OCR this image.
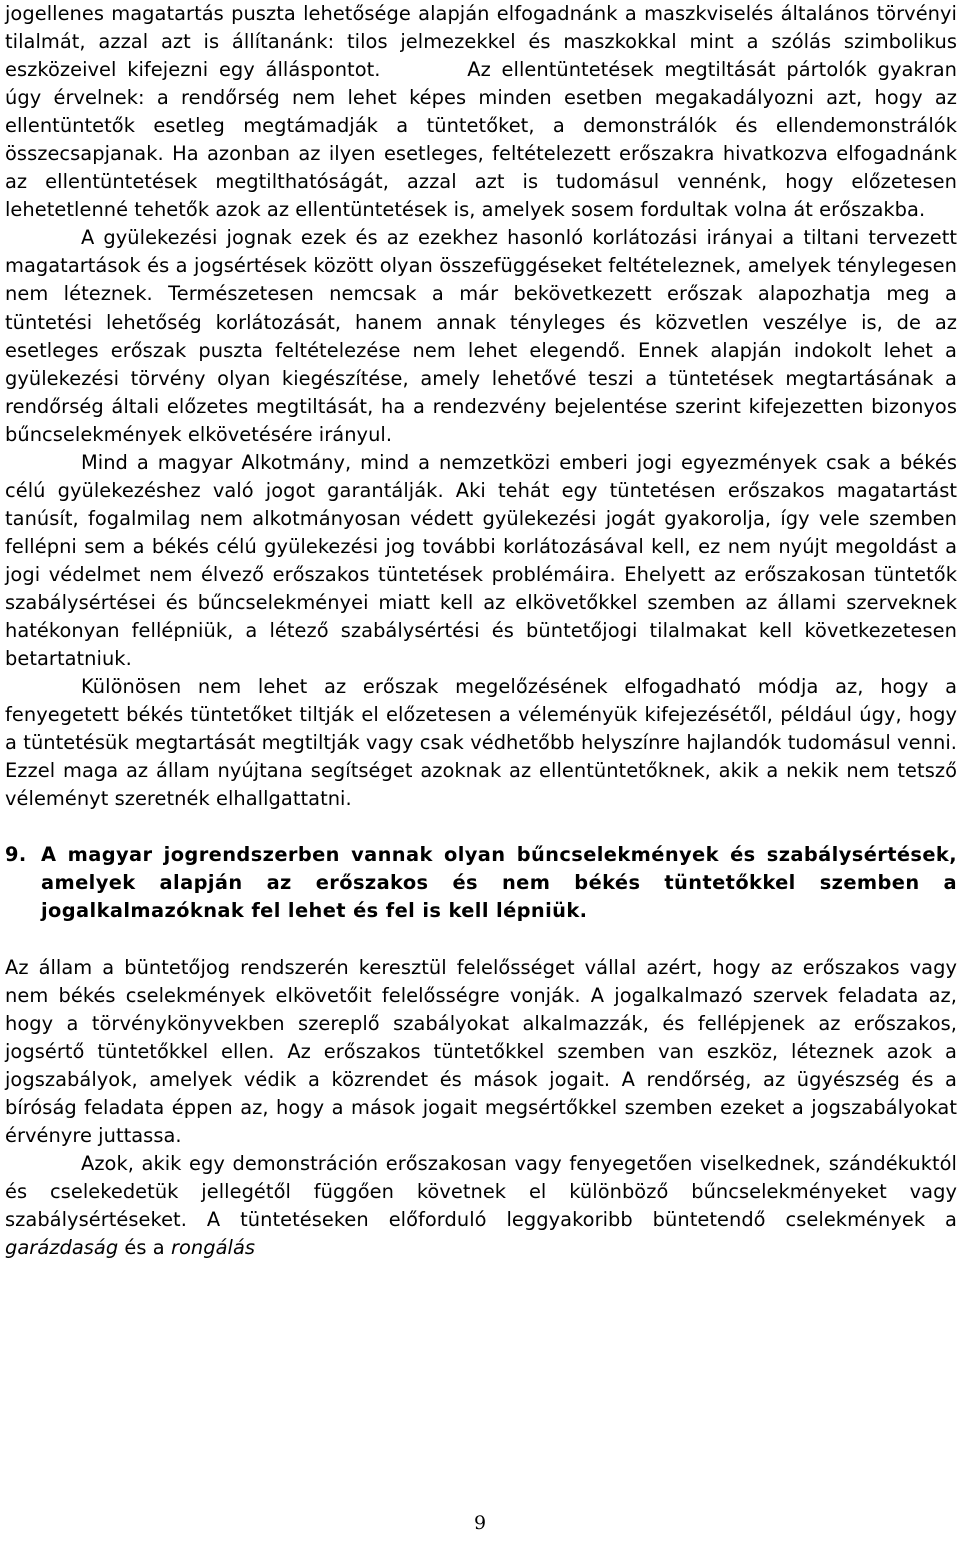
jogellenes magatartás puszta lehetősége alapján elfogadnánk a maszkviselés általános törvényi tilalmát, azzal azt is állítanánk: tilos jelmezekkel és maszkokkal mint a szólás szimbolikus eszközeivel kifejezni egy álláspontot.	Az ellentüntetések megtiltását pártolók gyakran úgy érvelnek: a rendőrség nem lehet képes minden esetben megakadályozni azt, hogy az ellentüntetők esetleg megtámadják a tüntetőket, a demonstrálók és ellendemonstrálók összecsapjanak. Ha azonban az ilyen esetleges, feltételezett erőszakra hivatkozva elfogadnánk az ellentüntetések megtilthatóságát, azzal azt is tudomásul vennénk, hogy előzetesen lehetetlenné tehetők azok az ellentüntetések is, amelyek sosem fordultak volna át erőszakba.

A gyülekezési jognak ezek és az ezekhez hasonló korlátozási irányai a tiltani tervezett magatartások és a jogsértések között olyan összefüggéseket feltételeznek, amelyek ténylegesen nem léteznek. Természetesen nemcsak a már bekövetkezett erőszak alapozhatja meg a tüntetési lehetőség korlátozását, hanem annak tényleges és közvetlen veszélye is, de az esetleges erőszak puszta feltételezése nem lehet elegendő. Ennek alapján indokolt lehet a gyülekezési törvény olyan kiegészítése, amely lehetővé teszi a tüntetések megtartásának a rendőrség általi előzetes megtiltását, ha a rendezvény bejelentése szerint kifejezetten bizonyos bűncselekmények elkövetésére irányul.

Mind a magyar Alkotmány, mind a nemzetközi emberi jogi egyezmények csak a békés célú gyülekezéshez való jogot garantálják. Aki tehát egy tüntetésen erőszakos magatartást tanúsít, fogalmilag nem alkotmányosan védett gyülekezési jogát gyakorolja, így vele szemben fellépni sem a békés célú gyülekezési jog további korlátozásával kell, ez nem nyújt megoldást a jogi védelmet nem élvező erőszakos tüntetések problémáira. Ehelyett az erőszakosan tüntetők szabálysértései és bűncselekményei miatt kell az elkövetőkkel szemben az állami szerveknek hatékonyan fellépniük, a létező szabálysértési és büntetőjogi tilalmakat kell következetesen betartatniuk.

Különösen nem lehet az erőszak megelőzésének elfogadható módja az, hogy a fenyegetett békés tüntetőket tiltják el előzetesen a véleményük kifejezésétől, például úgy, hogy a tüntetésük megtartását megtiltják vagy csak védhetőbb helyszínre hajlandók tudomásul venni. Ezzel maga az állam nyújtana segítséget azoknak az ellentüntetőknek, akik a nekik nem tetsző véleményt szeretnék elhallgattatni.

9. A magyar jogrendszerben vannak olyan bűncselekmények és szabálysértések, amelyek alapján az erőszakos és nem békés tüntetőkkel szemben a jogalkalmazóknak fel lehet és fel is kell lépniük.

Az állam a büntetőjog rendszerén keresztül felelősséget vállal azért, hogy az erőszakos vagy nem békés cselekmények elkövetőit felelősségre vonják. A jogalkalmazó szervek feladata az, hogy a törvénykönyvekben szereplő szabályokat alkalmazzák, és fellépjenek az erőszakos, jogsértő tüntetőkkel ellen. Az erőszakos tüntetőkkel szemben van eszköz, léteznek azok a jogszabályok, amelyek védik a közrendet és mások jogait. A rendőrség, az ügyészség és a bíróság feladata éppen az, hogy a mások jogait megsértőkkel szemben ezeket a jogszabályokat érvényre juttassa.

Azok, akik egy demonstráción erőszakosan vagy fenyegetően viselkednek, szándékuktól és cselekedetük jellegétől függően követnek el különböző bűncselekményeket vagy szabálysértéseket. A tüntetéseken előforduló leggyakoribb büntetendő cselekmények a garázdaság és a rongálás

9
